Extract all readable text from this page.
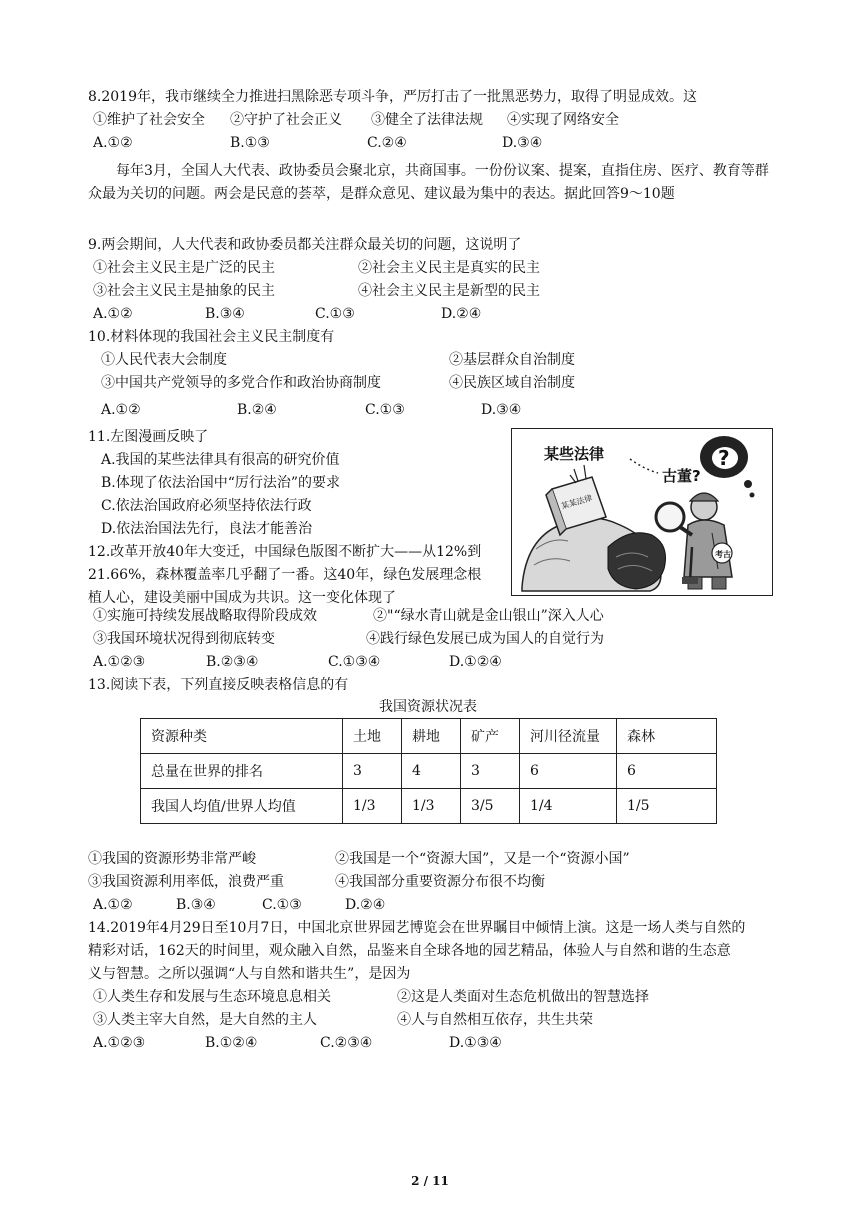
8.2019年，我市继续全力推进扫黑除恶专项斗争，严厉打击了一批黑恶势力，取得了明显成效。这
①维护了社会安全 ②守护了社会正义 ③健全了法律法规 ④实现了网络安全
A.①②	B.①③	C.②④	D.③④
每年3月，全国人大代表、政协委员会聚北京，共商国事。一份份议案、提案，直指住房、医疗、教育等群众最为关切的问题。两会是民意的荟萃，是群众意见、建议最为集中的表达。据此回答9～10题
9.两会期间，人大代表和政协委员都关注群众最关切的问题，这说明了
①社会主义民主是广泛的民主	②社会主义民主是真实的民主
③社会主义民主是抽象的民主	④社会主义民主是新型的民主
A.①②	B.③④	C.①③	D.②④
10.材料体现的我国社会主义民主制度有
①人民代表大会制度	②基层群众自治制度
③中国共产党领导的多党合作和政治协商制度	④民族区域自治制度
A.①②	B.②④	C.①③	D.③④
11.左图漫画反映了
A.我国的某些法律具有很高的研究价值
B.体现了依法治国中“厉行法治”的要求
C.依法治国政府必须坚持依法行政
D.依法治国法先行，良法才能善治
某些法律
古董?
?
某某法律
考古
12.改革开放40年大变迁，中国绿色版图不断扩大——从12%到
21.66%，森林覆盖率几乎翻了一番。这40年，绿色发展理念根
植人心，建设美丽中国成为共识。这一变化体现了
①实施可持续发展战略取得阶段成效	②"“绿水青山就是金山银山”深入人心
③我国环境状况得到彻底转变	④践行绿色发展已成为国人的自觉行为
A.①②③	B.②③④	C.①③④	D.①②④
13.阅读下表，下列直接反映表格信息的有
我国资源状况表
资源种类	土地	耕地	矿产	河川径流量	森林
总量在世界的排名	3	4	3	6	6
我国人均值/世界人均值	1/3	1/3	3/5	1/4	1/5
①我国的资源形势非常严峻	②我国是一个“资源大国”，又是一个“资源小国”
③我国资源利用率低，浪费严重	④我国部分重要资源分布很不均衡
A.①②	B.③④	C.①③	D.②④
14.2019年4月29日至10月7日，中国北京世界园艺博览会在世界瞩目中倾情上演。这是一场人类与自然的
精彩对话，162天的时间里，观众融入自然，品鉴来自全球各地的园艺精品，体验人与自然和谐的生态意
义与智慧。之所以强调“人与自然和谐共生”，是因为
①人类生存和发展与生态环境息息相关	②这是人类面对生态危机做出的智慧选择
③人类主宰大自然，是大自然的主人	④人与自然相互依存，共生共荣
A.①②③	B.①②④	C.②③④	D.①③④
2 / 11
